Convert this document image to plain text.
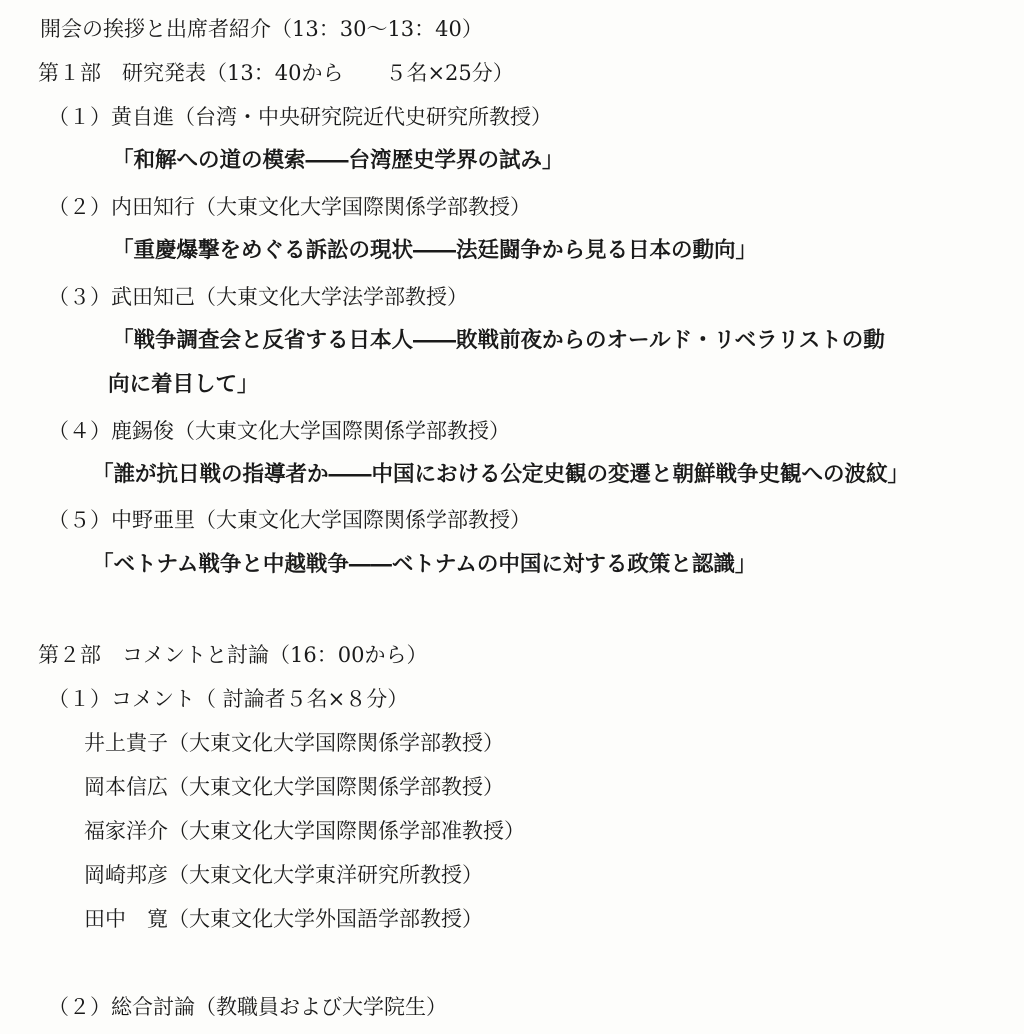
開会の挨拶と出席者紹介（13：30〜13：40）
第１部　研究発表（13：40から　　５名×25分）
（１）黄自進（台湾・中央研究院近代史研究所教授）
「和解への道の模索――台湾歴史学界の試み」
（２）内田知行（大東文化大学国際関係学部教授）
「重慶爆撃をめぐる訴訟の現状――法廷闘争から見る日本の動向」
（３）武田知己（大東文化大学法学部教授）
「戦争調査会と反省する日本人――敗戦前夜からのオールド・リベラリストの動
向に着目して」
（４）鹿錫俊（大東文化大学国際関係学部教授）
「誰が抗日戦の指導者か――中国における公定史観の変遷と朝鮮戦争史観への波紋」
（５）中野亜里（大東文化大学国際関係学部教授）
「ベトナム戦争と中越戦争――ベトナムの中国に対する政策と認識」
第２部　コメントと討論（16：00から）
（１）コメント（ 討論者５名×８分）
井上貴子（大東文化大学国際関係学部教授）
岡本信広（大東文化大学国際関係学部教授）
福家洋介（大東文化大学国際関係学部准教授）
岡崎邦彦（大東文化大学東洋研究所教授）
田中　寛（大東文化大学外国語学部教授）
（２）総合討論（教職員および大学院生）
